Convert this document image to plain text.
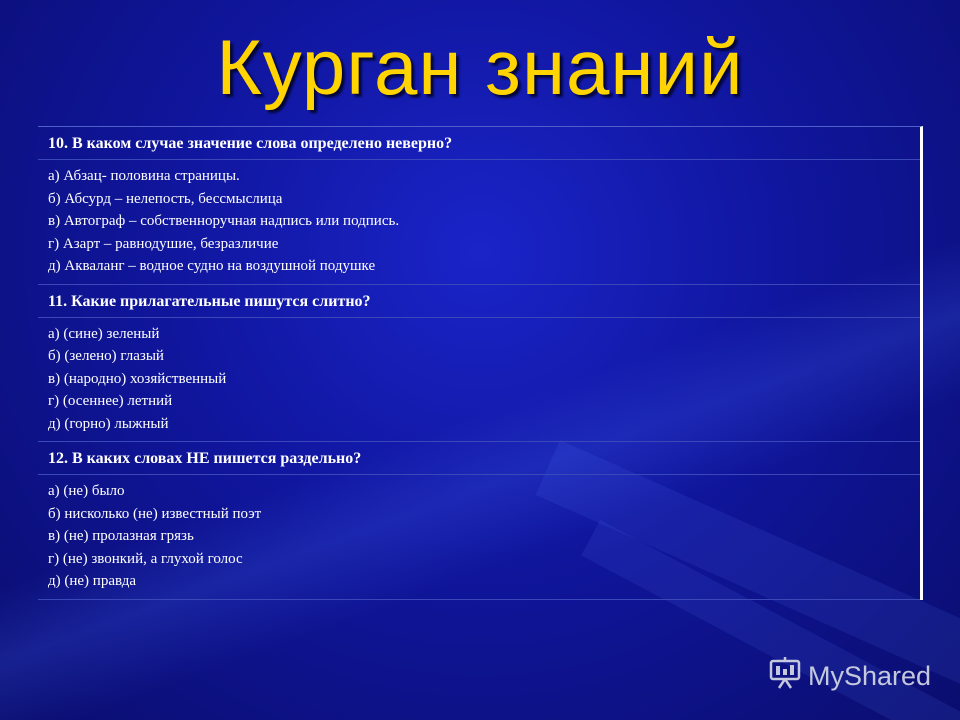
Курган знаний
10. В каком случае значение слова определено неверно?
а) Абзац- половина страницы.
б) Абсурд – нелепость, бессмыслица
в) Автограф – собственноручная надпись или подпись.
г) Азарт – равнодушие, безразличие
д) Акваланг – водное судно на воздушной подушке
11. Какие прилагательные пишутся слитно?
а) (сине) зеленый
б) (зелено) глазый
в) (народно) хозяйственный
г) (осеннее) летний
д) (горно) лыжный
12. В каких словах НЕ пишется раздельно?
а) (не) было
б) нисколько (не) известный поэт
в) (не) пролазная грязь
г) (не) звонкий, а глухой голос
д) (не) правда
MyShared
